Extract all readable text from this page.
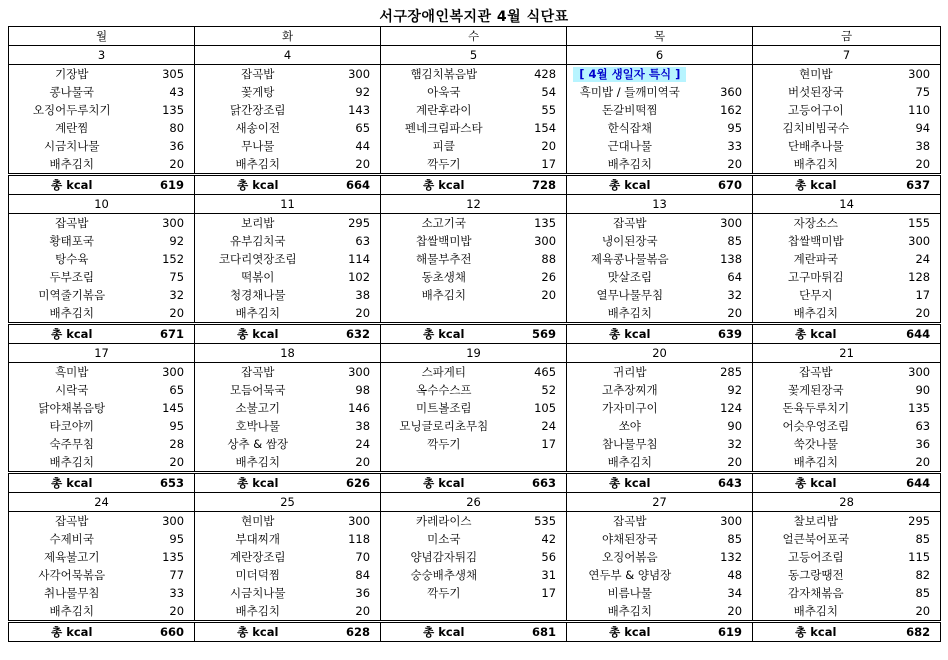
서구장애인복지관 4월 식단표
월		화		수		목		금	
3		4		5		6		7	
기장밥	305	잡곡밥	300	햄김치볶음밥	428	[ 4월 생일자 특식 ]		현미밥	300
콩나물국	43	꽃게탕	92	아욱국	54	흑미밥 / 들깨미역국	360	버섯된장국	75
오징어두루치기	135	닭간장조림	143	계란후라이	55	돈갈비떡찜	162	고등어구이	110
계란찜	80	새송이전	65	펜네크림파스타	154	한식잡채	95	김치비빔국수	94
시금치나물	36	무나물	44	피클	20	근대나물	33	단배추나물	38
배추김치	20	배추김치	20	깍두기	17	배추김치	20	배추김치	20
총 kcal	619	총 kcal	664	총 kcal	728	총 kcal	670	총 kcal	637
10		11		12		13		14	
잡곡밥	300	보리밥	295	소고기국	135	잡곡밥	300	자장소스	155
황태포국	92	유부김치국	63	찹쌀백미밥	300	냉이된장국	85	찹쌀백미밥	300
탕수육	152	코다리엿장조림	114	해물부추전	88	제육콩나물볶음	138	계란파국	24
두부조림	75	떡볶이	102	동초생채	26	맛살조림	64	고구마튀김	128
미역줄기볶음	32	청경채나물	38	배추김치	20	열무나물무침	32	단무지	17
배추김치	20	배추김치	20			배추김치	20	배추김치	20
총 kcal	671	총 kcal	632	총 kcal	569	총 kcal	639	총 kcal	644
17		18		19		20		21	
흑미밥	300	잡곡밥	300	스파게티	465	귀리밥	285	잡곡밥	300
시락국	65	모듬어묵국	98	옥수수스프	52	고추장찌개	92	꽃게된장국	90
닭야채볶음탕	145	소불고기	146	미트볼조림	105	가자미구이	124	돈육두루치기	135
타코야끼	95	호박나물	38	모닝글로리초무침	24	쏘야	90	어슷우엉조림	63
숙주무침	28	상추 & 쌈장	24	깍두기	17	참나물무침	32	쑥갓나물	36
배추김치	20	배추김치	20			배추김치	20	배추김치	20
총 kcal	653	총 kcal	626	총 kcal	663	총 kcal	643	총 kcal	644
24		25		26		27		28	
잡곡밥	300	현미밥	300	카레라이스	535	잡곡밥	300	찰보리밥	295
수제비국	95	부대찌개	118	미소국	42	야채된장국	85	얼큰북어포국	85
제육불고기	135	계란장조림	70	양념감자튀김	56	오징어볶음	132	고등어조림	115
사각어묵볶음	77	미더덕찜	84	숭숭배추생채	31	연두부 & 양념장	48	동그랑땡전	82
취나물무침	33	시금치나물	36	깍두기	17	비름나물	34	감자채볶음	85
배추김치	20	배추김치	20			배추김치	20	배추김치	20
총 kcal	660	총 kcal	628	총 kcal	681	총 kcal	619	총 kcal	682
